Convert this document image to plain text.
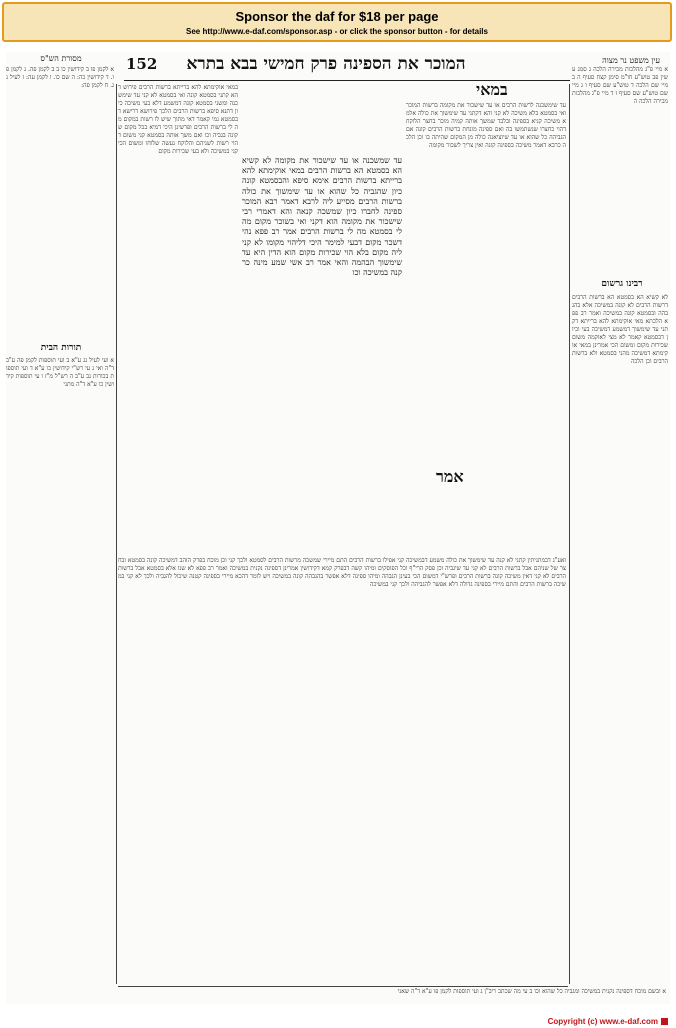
Sponsor the daf for $18 per page
See http://www.e-daf.com/sponsor.asp - or click the sponsor button - for details
מסורת הש"ס	152	המוכר את הספינה פרק חמישי בבא בתרא	עין משפט נר מצוה
א לקמן פו ב קידושין כו ב ב לקמן פה. ג לקמן פו. ד קידושין כה: ה שם כו. ו לקמן עה: ז לעיל נג. ח לקמן פה:
תורות הבית
א ועי לעיל נג ע"א ב ועי תוספות לקמן פה ע"ב ד"ה ואי ג עי רש"י קידושין כו ע"א ד ועי תוספות בכורות נב ע"ב ה רש"ל מ"ז ו עי תוספות קידושין כו ע"א ד"ה מתני
במאי אוקימתא להא ברייתא ברשות הרבים פירוש דהא קתני בסמטא קונה ואי בסמטא לא קני עד שימשכנה ומשני בסמטא קונה דמשמע דלא בעי משיכה כיון דתנא סיפא ברשות הרבים הלכך פירושא דרישא דבסמטא נמי קאמר דאי מתוך שיש לו רשות במקום מה לי ברשות הרבים ופרשינן היכי דמיא בכל מקום שקונה בגביה וכו ואם משך אותה בסמטא קני משום דהוי רשות לשניהם והלוקח נעשה שלוחו ומשום הכי קני במשיכה ולא בעי שכירות מקום
עד שמשכנה או עד שישכור את מקומה לא קשיא הא בסמטא הא ברשות הרבים במאי אוקימתא להא ברייתא ברשות הרבים אימא סיפא והבסמטא קונה כיון שהגביה כל שהוא או עד שימשוך את כולה ברשות הרבים מסייע ליה לרבא דאמר רבא המוכר ספינה לחברו כיון שמשכה קנאה והא דאמרי רבי שישכור את מקומה הוא דקני ואי בשוכר מקום מה לי בסמטא מה לי ברשות הרבים אמר רב פפא נהי דשכר מקום דבעי למימר היכי דליהוי מקומו לא קני ליה מקום בלא הוי שכירות מקום הוא הדין היא עד שימשוך הבהמה והאי אמר רב אשי שמע מינה כר קנה במשיכה וכו
במאי
עד שימשכנה לרשות הרבים או עד שישכור את מקומה ברשות המוכר ואי בסמטא בלא משיכה לא קני והא דקתני עד שימשוך את כולה אלמא משיכה קניא בספינה ובלבד שמשך אותה קמיה מוכר בחצר הלוקח דהוי כחצרו שנשתמשו בה ואם ספינה מונחת ברשות הרבים קונה אם הגביהה כל שהוא או עד שיוציאנה כולה מן המקום שהיתה בו וכן הלכה כרבא דאמר משיכה בספינה קונה ואין צריך לשכור מקומה
אמר
א מיי פ"ג מהלכות מכירה הלכה ג סמג עשין פב טוש"ע חו"מ סימן קצח סעיף ה ב מיי שם הלכה ד טוש"ע שם סעיף ו ג מיי שם טוש"ע שם סעיף ז ד מיי פ"ג מהלכות מכירה הלכה ה
רבינו גרשום
לא קשיא הא בסמטא הא ברשות הרבים דרשות הרבים לא קונה במשיכה אלא בהגבהה ובסמטא קונה במשיכה ואמר רב פפא הלכתא מאי אוקימתא להא ברייתא דקתני עד שימשוך דמשמע דמשיכה בעי וכיון דבסמטא קאמר לא מצי לאוקמה משום שכירות מקום ומשום הכי אמרינן במאי אוקימתא דמשיכה מהני בסמטא ולא ברשות הרבים וכן הלכה
ואע"ג דבמתניתין קתני לא קנה עד שימשוך את כולה משמע דבמשיכה קני אפילו ברשות הרבים התם מיירי שמשכה מרשות הרבים לסמטא ולכך קני וכן מוכח בפרק הזהב דמשיכה קונה בסמטא ובחצר של שניהם אבל ברשות הרבים לא קני עד שיגביה וכן פסק הרי"ף וכל הפוסקים ומיהו קשה דבפרק קמא דקידושין אמרינן דספינה נקנית במשיכה ואמר רב פפא לא שנו אלא בסמטא אבל ברשות הרבים לא קני דאין משיכה קונה ברשות הרבים ופרש"י דמשום הכי בעינן הגבהה ומיהו ספינה דלא אפשר בהגבהה קונה במשיכה ויש לומר דהכא מיירי בספינה קטנה שיכול להגביה ולכך לא קני במשיכה ברשות הרבים והתם מיירי בספינה גדולה דלא אפשר להגביהה ולכך קני במשיכה
א ובשם מוכח דספינה נקנית במשיכה ומגביה כל שהוא וכו ב עי מה שכתב ריב"ן ג ועי תוספות לקמן פו ע"א ד"ה שאני
Copyright (c) www.e-daf.com
